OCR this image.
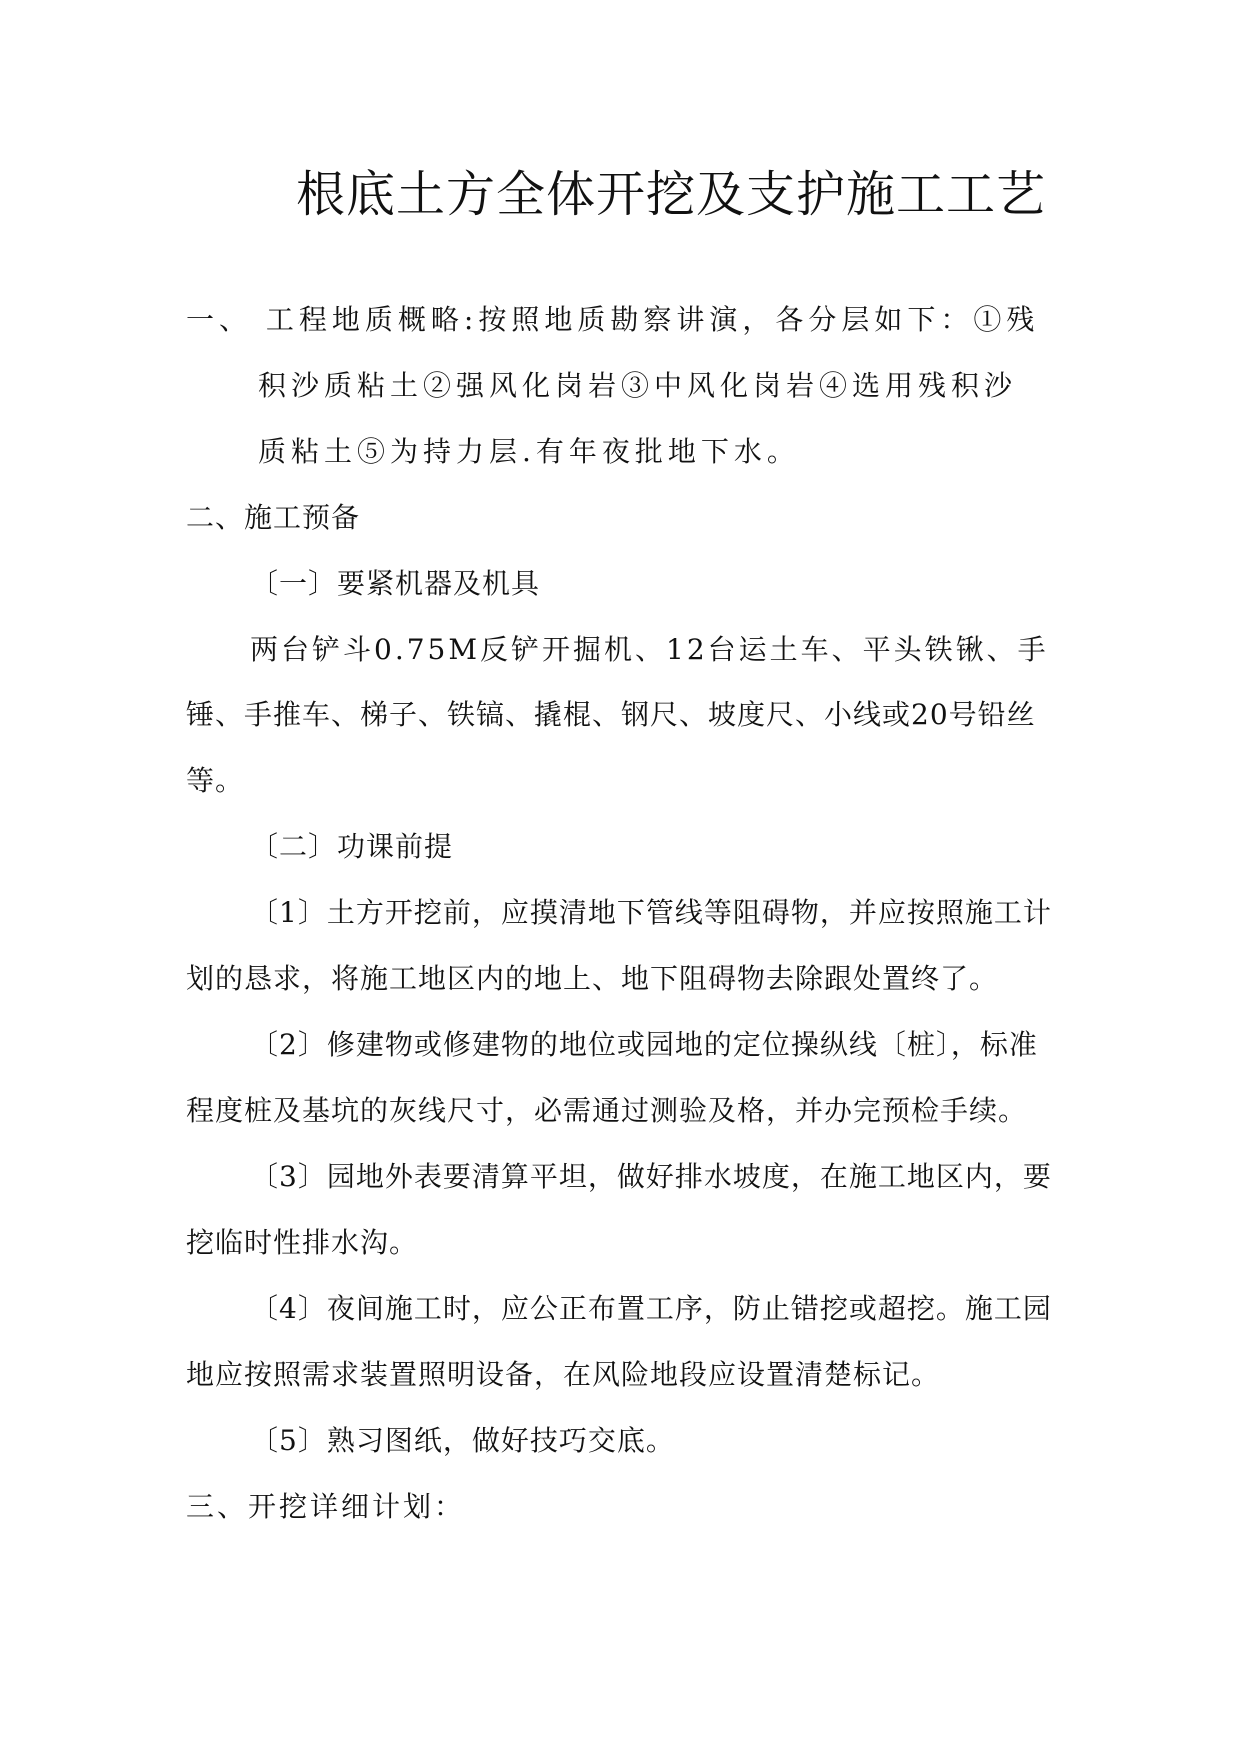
根底土方全体开挖及支护施工工艺
一、 工程地质概略:按照地质勘察讲演，各分层如下：①残
积沙质粘土②强风化岗岩③中风化岗岩④选用残积沙
质粘土⑤为持力层.有年夜批地下水。
二、施工预备
〔一〕要紧机器及机具
两台铲斗0.75M反铲开掘机、12台运土车、平头铁锹、手
锤、手推车、梯子、铁镐、撬棍、钢尺、坡度尺、小线或20号铅丝
等。
〔二〕功课前提
〔1〕土方开挖前，应摸清地下管线等阻碍物，并应按照施工计
划的恳求，将施工地区内的地上、地下阻碍物去除跟处置终了。
〔2〕修建物或修建物的地位或园地的定位操纵线〔桩〕，标准
程度桩及基坑的灰线尺寸，必需通过测验及格，并办完预检手续。
〔3〕园地外表要清算平坦，做好排水坡度，在施工地区内，要
挖临时性排水沟。
〔4〕夜间施工时，应公正布置工序，防止错挖或超挖。施工园
地应按照需求装置照明设备，在风险地段应设置清楚标记。
〔5〕熟习图纸，做好技巧交底。
三、开挖详细计划：
